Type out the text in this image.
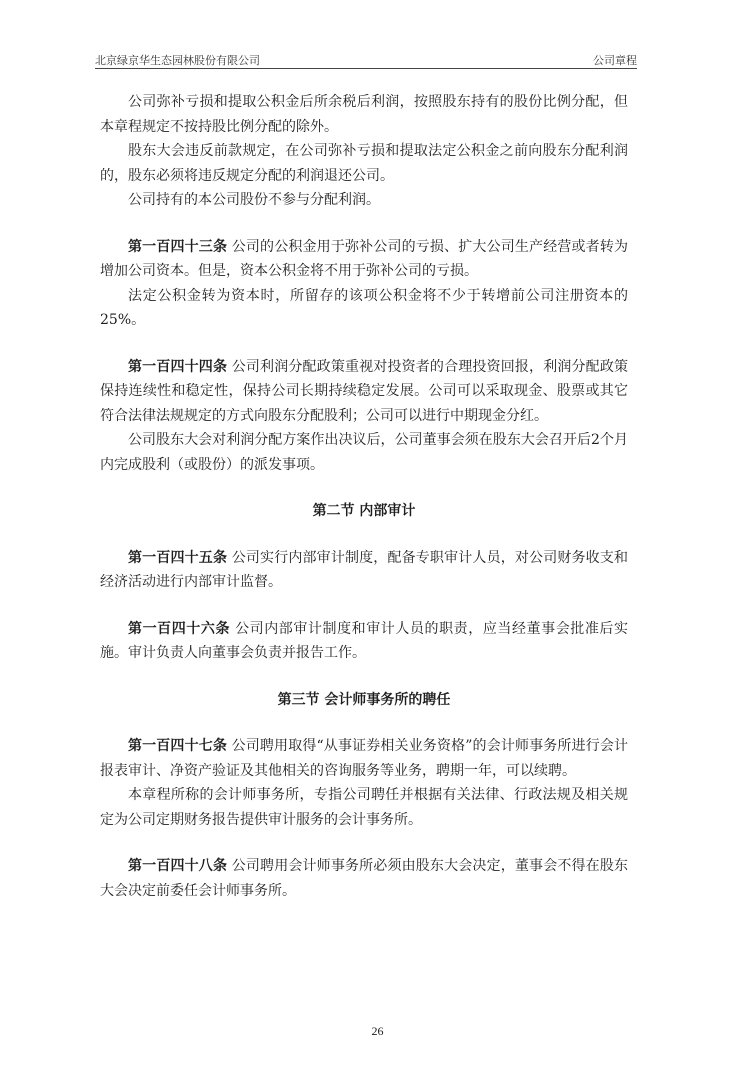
北京绿京华生态园林股份有限公司	公司章程

公司弥补亏损和提取公积金后所余税后利润，按照股东持有的股份比例分配，但本章程规定不按持股比例分配的除外。

股东大会违反前款规定，在公司弥补亏损和提取法定公积金之前向股东分配利润的，股东必须将违反规定分配的利润退还公司。

公司持有的本公司股份不参与分配利润。

第一百四十三条 公司的公积金用于弥补公司的亏损、扩大公司生产经营或者转为增加公司资本。但是，资本公积金将不用于弥补公司的亏损。

法定公积金转为资本时，所留存的该项公积金将不少于转增前公司注册资本的25%。

第一百四十四条 公司利润分配政策重视对投资者的合理投资回报，利润分配政策保持连续性和稳定性，保持公司长期持续稳定发展。公司可以采取现金、股票或其它符合法律法规规定的方式向股东分配股利；公司可以进行中期现金分红。

公司股东大会对利润分配方案作出决议后，公司董事会须在股东大会召开后2个月内完成股利（或股份）的派发事项。

第二节 内部审计

第一百四十五条 公司实行内部审计制度，配备专职审计人员，对公司财务收支和经济活动进行内部审计监督。

第一百四十六条 公司内部审计制度和审计人员的职责，应当经董事会批准后实施。审计负责人向董事会负责并报告工作。

第三节 会计师事务所的聘任

第一百四十七条 公司聘用取得“从事证券相关业务资格”的会计师事务所进行会计报表审计、净资产验证及其他相关的咨询服务等业务，聘期一年，可以续聘。

本章程所称的会计师事务所，专指公司聘任并根据有关法律、行政法规及相关规定为公司定期财务报告提供审计服务的会计事务所。

第一百四十八条 公司聘用会计师事务所必须由股东大会决定，董事会不得在股东大会决定前委任会计师事务所。

26
